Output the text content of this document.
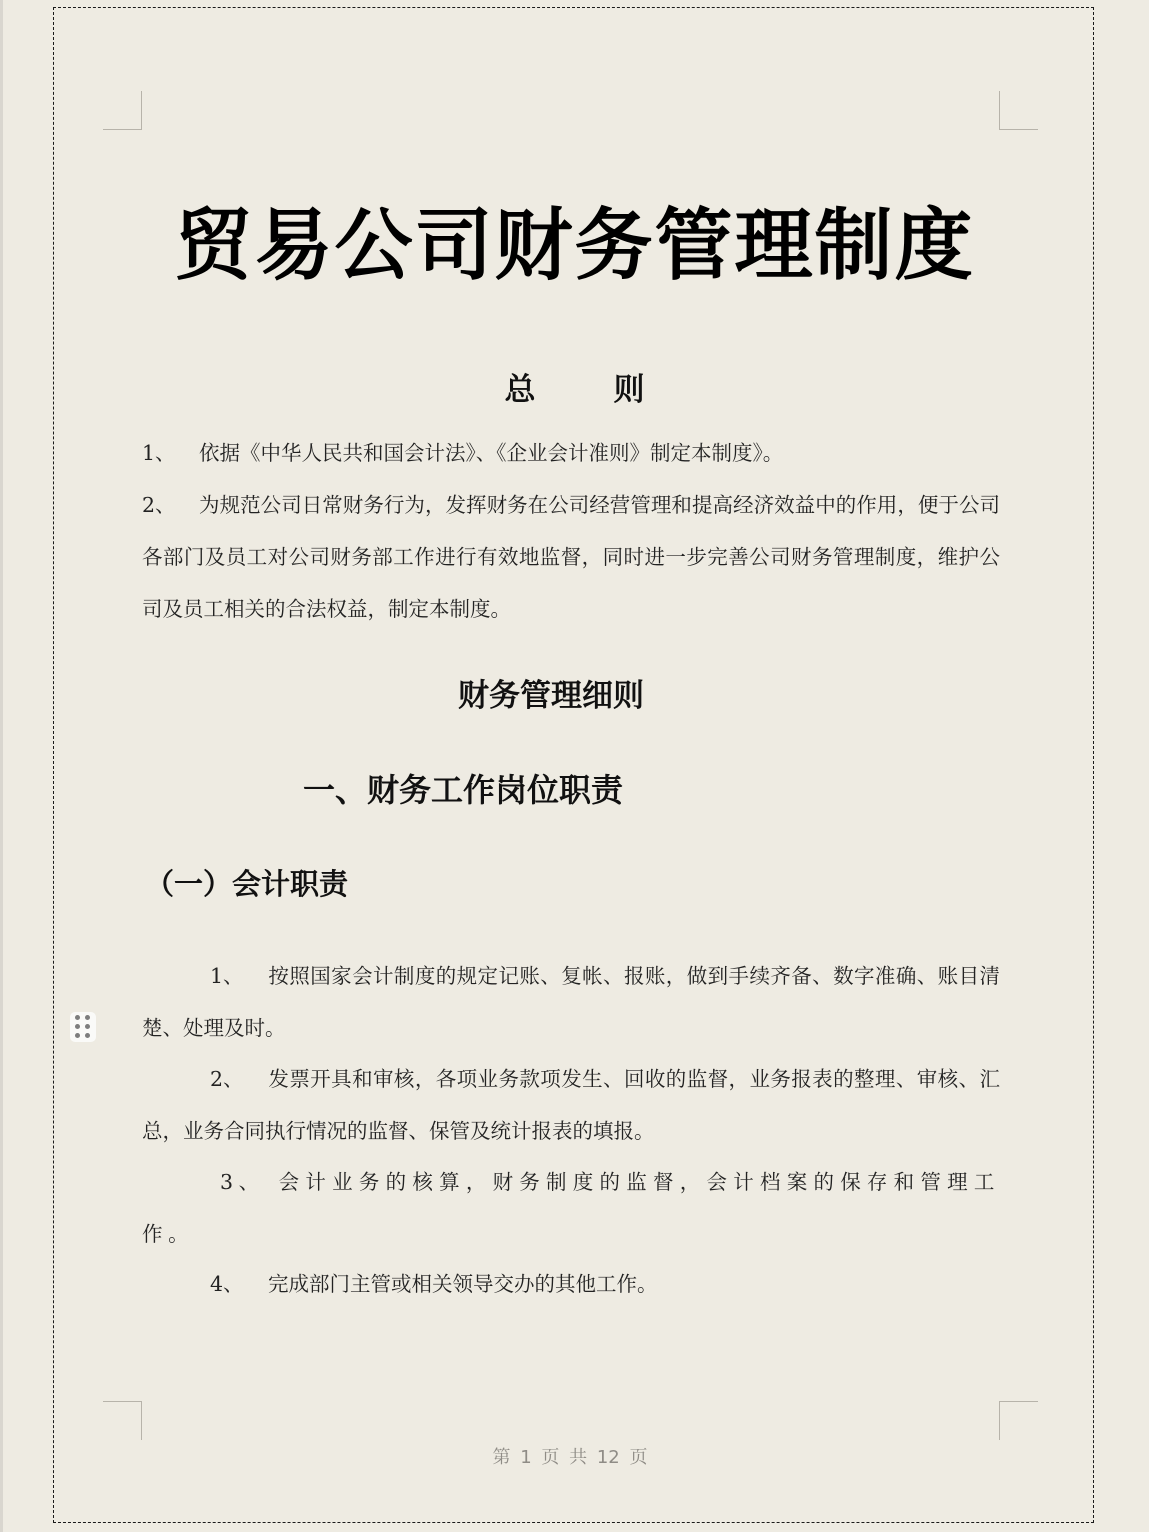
贸易公司财务管理制度
总	则
1、 依据《中华人民共和国会计法》、《企业会计准则》制定本制度》。
2、 为规范公司日常财务行为，发挥财务在公司经营管理和提高经济效益中的作用，便于公司各部门及员工对公司财务部工作进行有效地监督，同时进一步完善公司财务管理制度，维护公司及员工相关的合法权益，制定本制度。
财务管理细则
一、财务工作岗位职责
（一）会计职责
1、 按照国家会计制度的规定记账、复帐、报账，做到手续齐备、数字准确、账目清楚、处理及时。
2、 发票开具和审核，各项业务款项发生、回收的监督，业务报表的整理、审核、汇总，业务合同执行情况的监督、保管及统计报表的填报。
3、 会计业务的核算，财务制度的监督，会计档案的保存和管理工作。
4、 完成部门主管或相关领导交办的其他工作。
第 1 页 共 12 页
